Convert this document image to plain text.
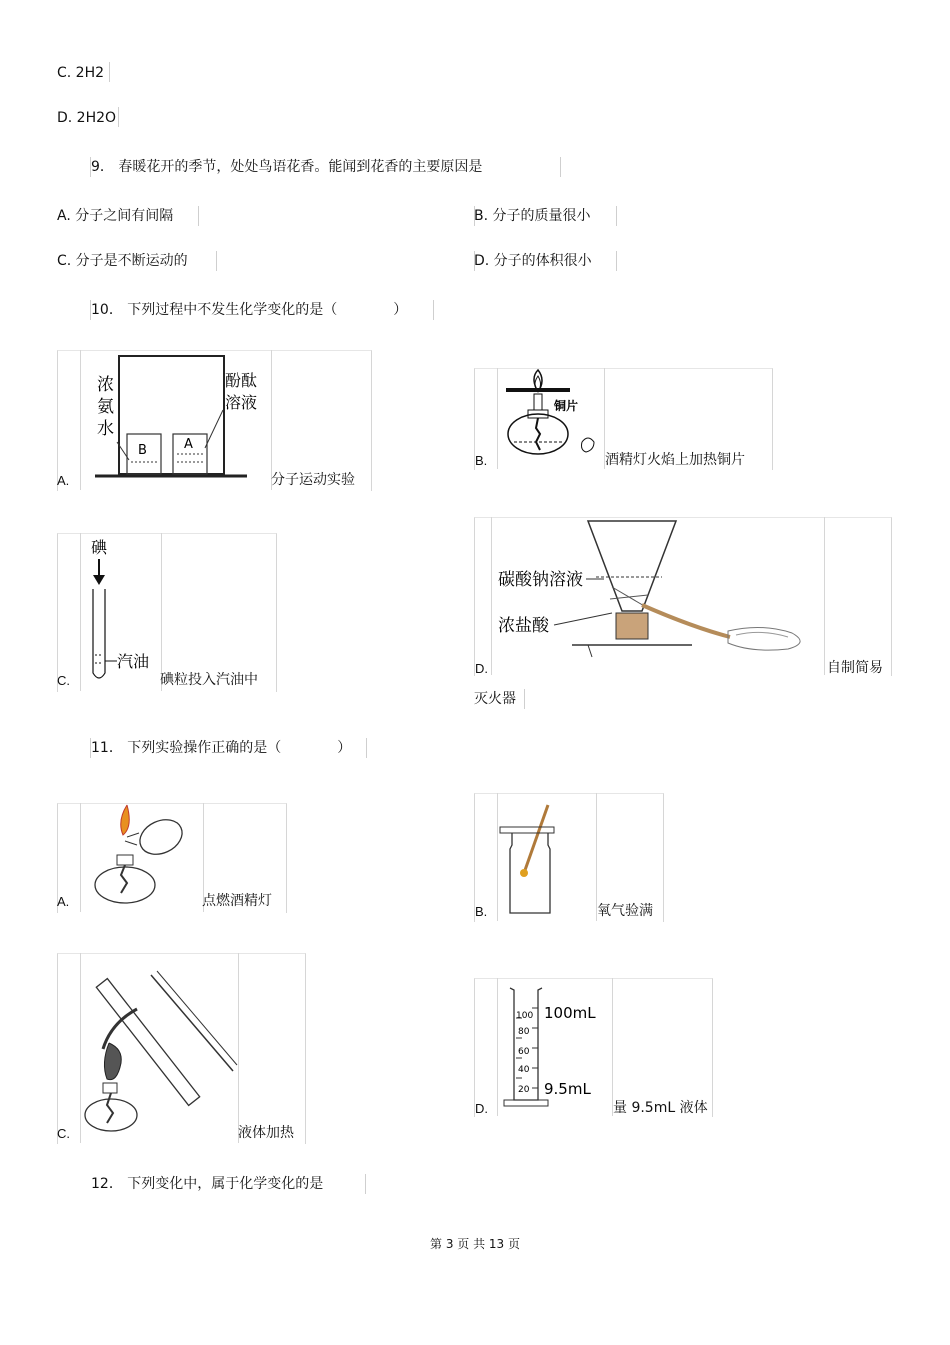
C. 2H2
D. 2H2O
9． 春暖花开的季节，处处鸟语花香。能闻到花香的主要原因是
A. 分子之间有间隔	B. 分子的质量很小
C. 分子是不断运动的	D. 分子的体积很小
10． 下列过程中不发生化学变化的是（　　　　）
浓
氨
水
酚酞
溶液
B	A
A.	分子运动实验
铜片
B.	酒精灯火焰上加热铜片
碘
汽油
C.	碘粒投入汽油中
碳酸钠溶液
浓盐酸
D.	自制简易
灭火器
11． 下列实验操作正确的是（　　　　）
A.	点燃酒精灯
B.	氧气验满
C.	液体加热
100
80
60
40
20
100mL
9.5mL
D.	量 9.5mL 液体
12． 下列变化中，属于化学变化的是
第 3 页 共 13 页
